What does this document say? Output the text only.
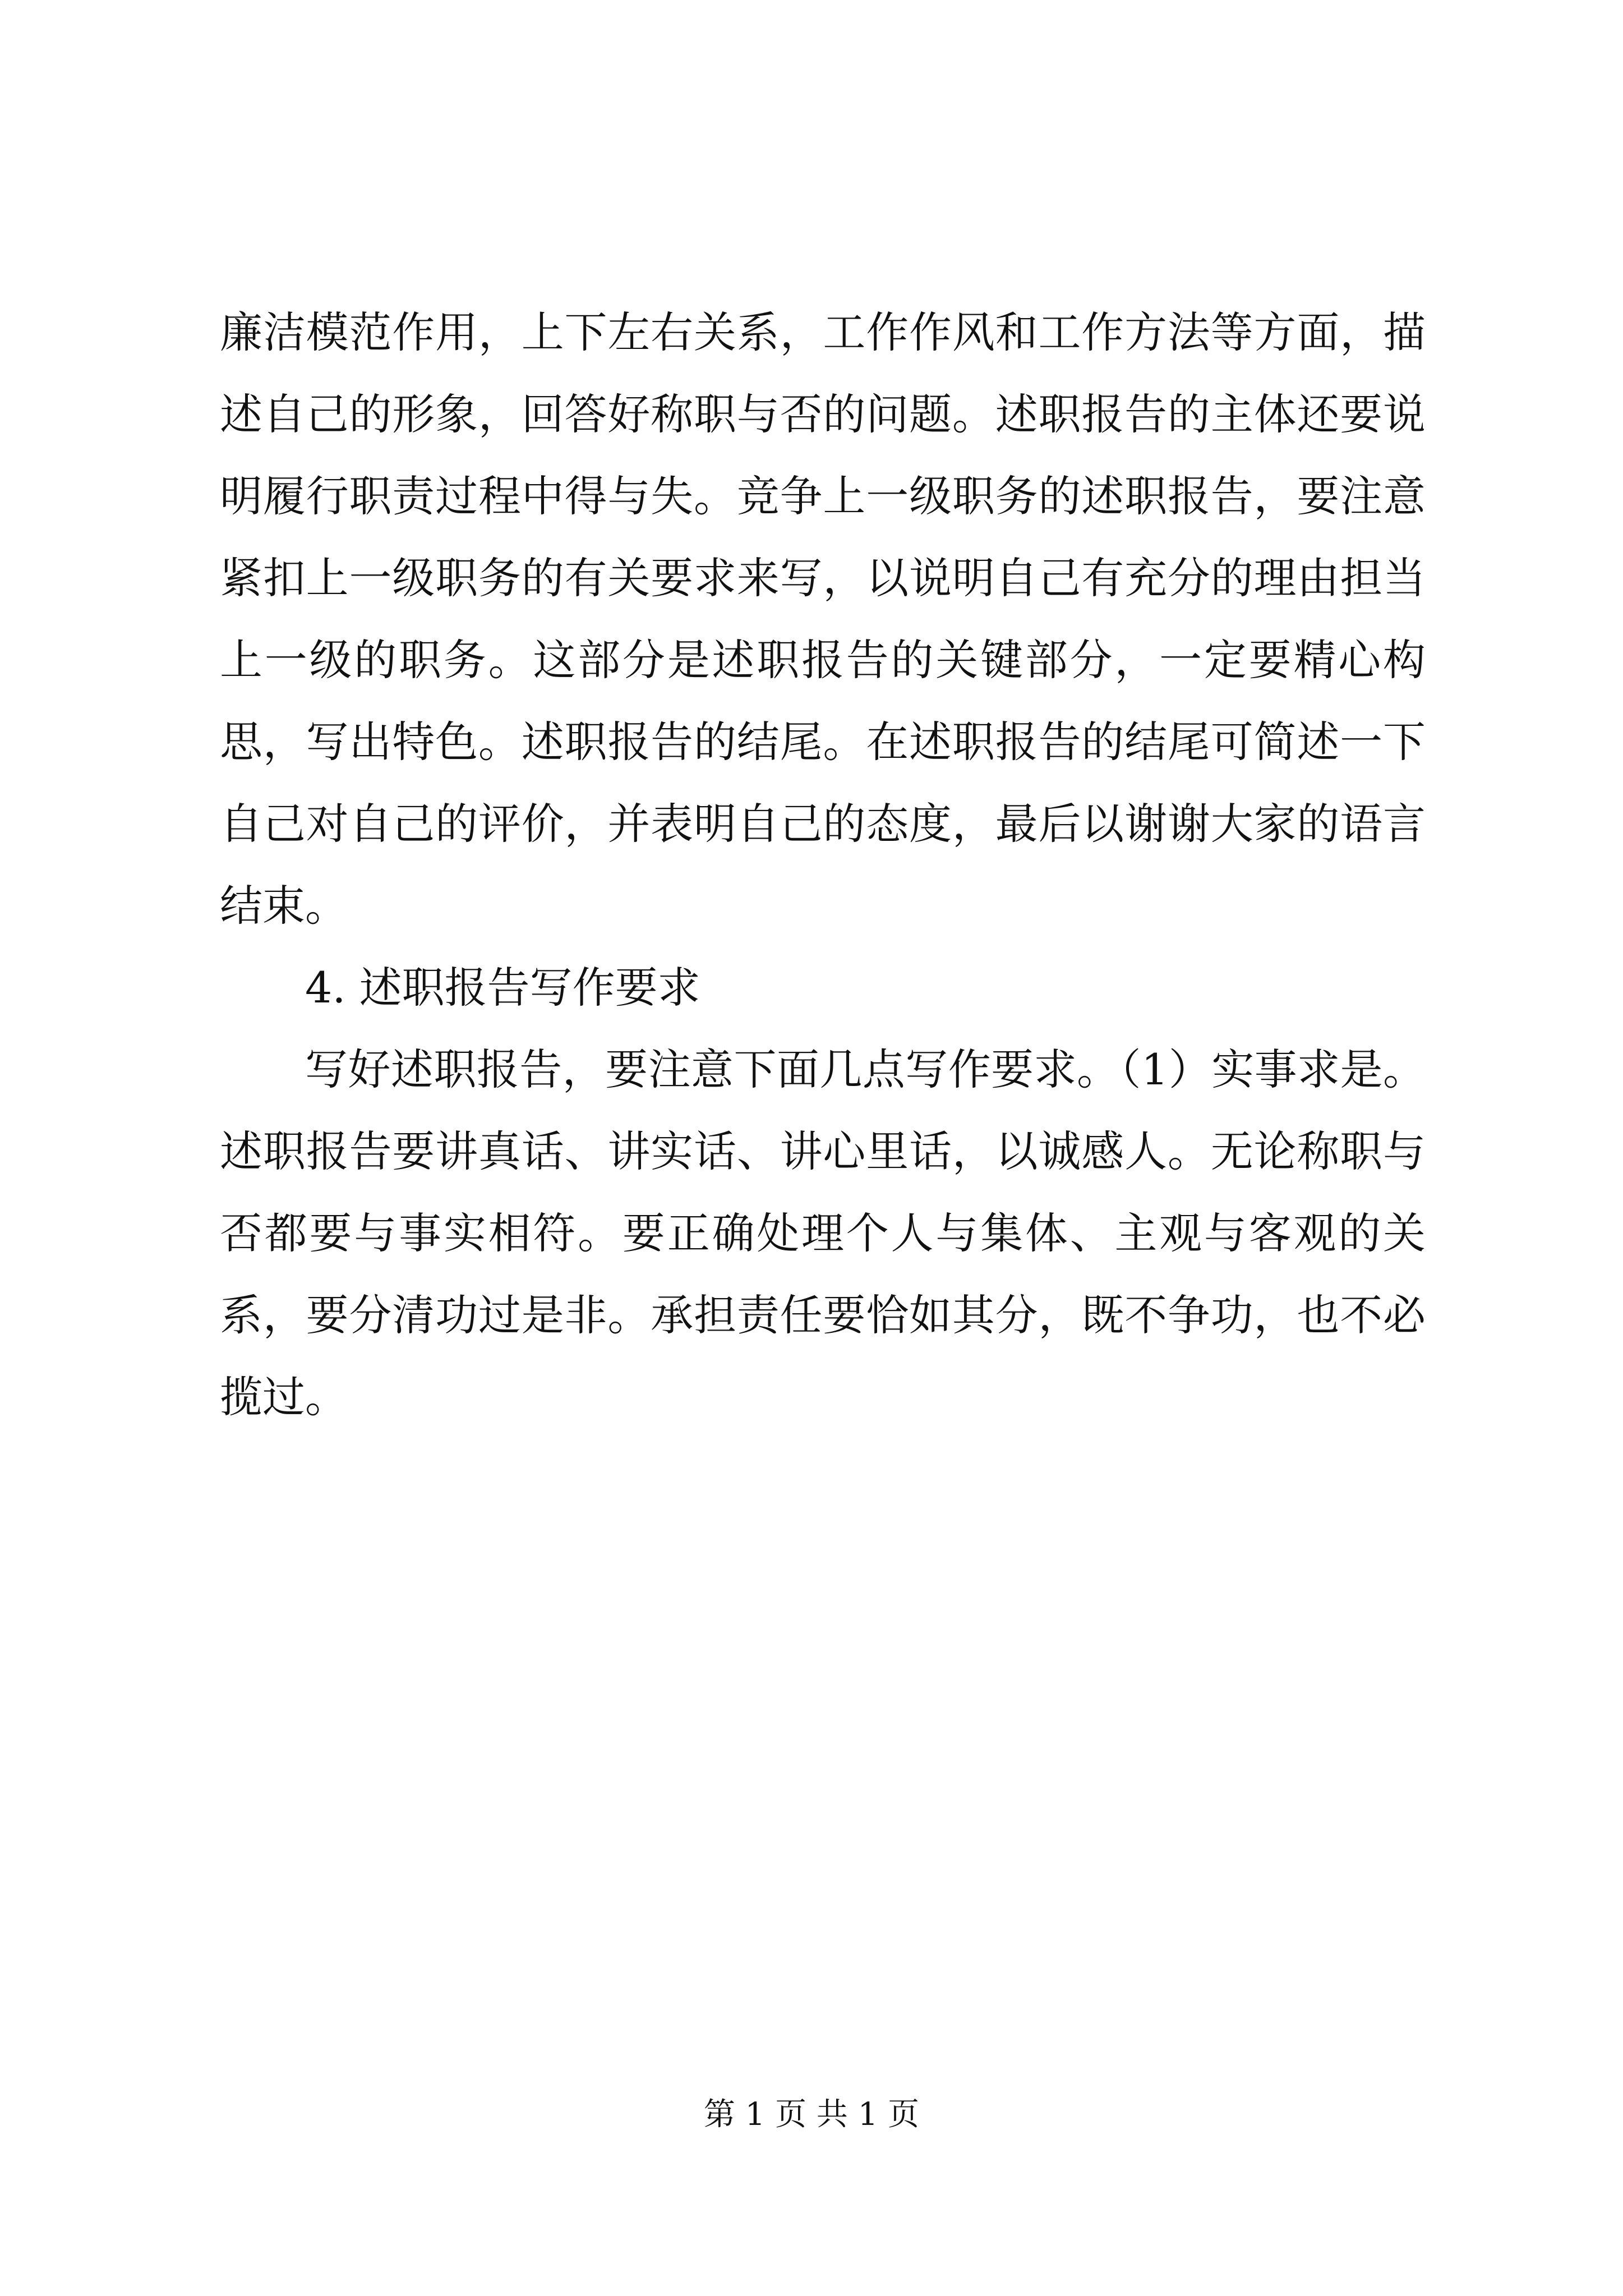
廉洁模范作用，上下左右关系，工作作风和工作方法等方面，描述自己的形象，回答好称职与否的问题。述职报告的主体还要说明履行职责过程中得与失。竞争上一级职务的述职报告，要注意紧扣上一级职务的有关要求来写，以说明自己有充分的理由担当上一级的职务。这部分是述职报告的关键部分，一定要精心构思，写出特色。述职报告的结尾。在述职报告的结尾可简述一下自己对自己的评价，并表明自己的态度，最后以谢谢大家的语言结束。

4. 述职报告写作要求

写好述职报告，要注意下面几点写作要求。（1）实事求是。述职报告要讲真话、讲实话、讲心里话，以诚感人。无论称职与否都要与事实相符。要正确处理个人与集体、主观与客观的关系，要分清功过是非。承担责任要恰如其分，既不争功，也不必揽过。

第 1 页 共 1 页
